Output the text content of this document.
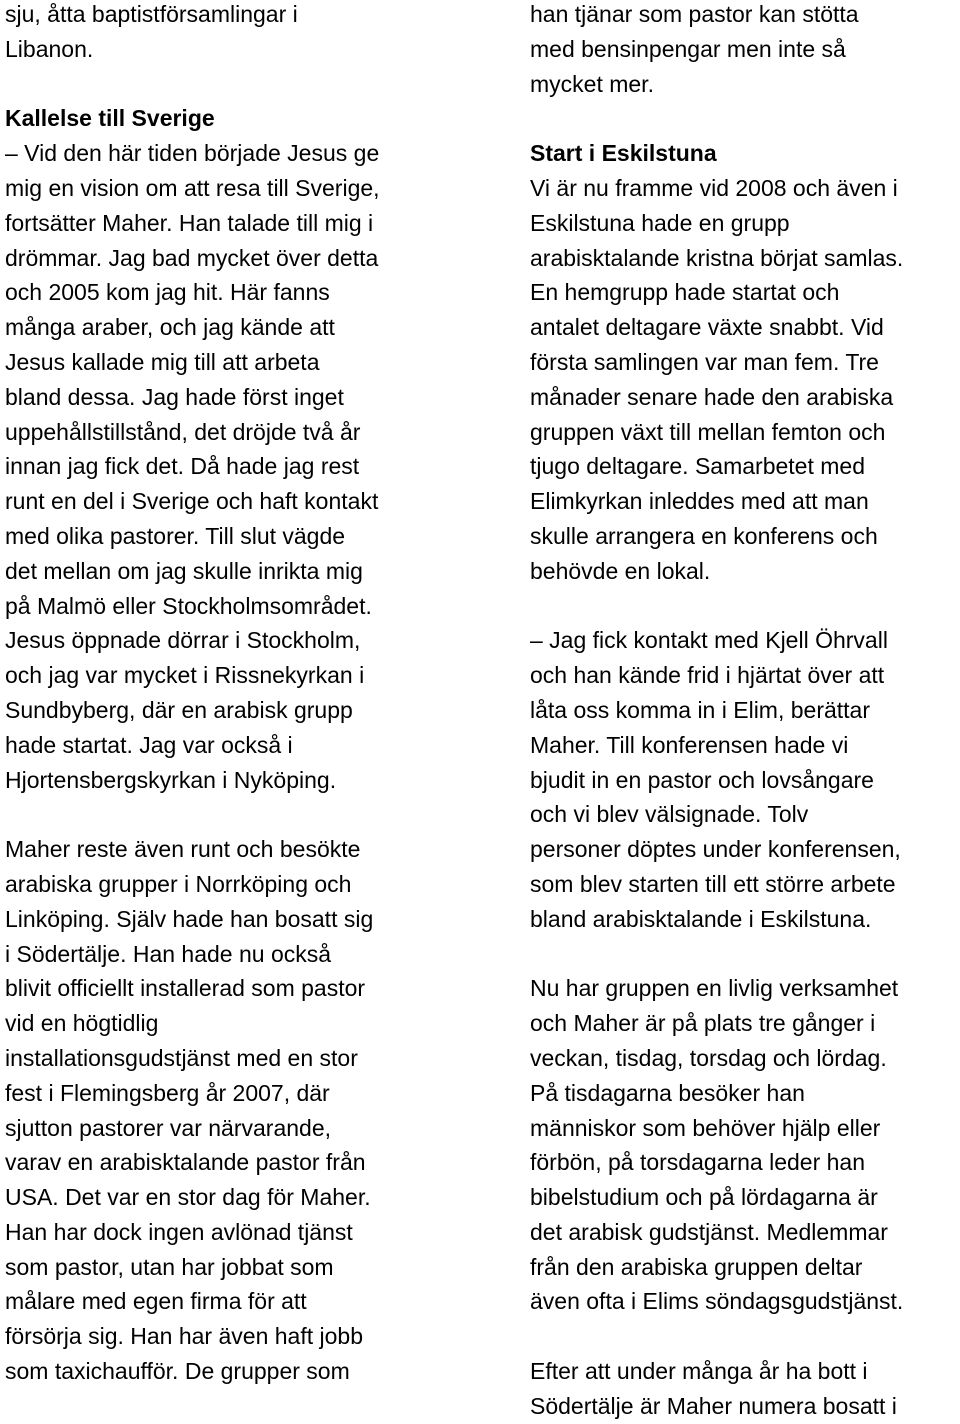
sju, åtta baptistförsamlingar i
Libanon.
Kallelse till Sverige
– Vid den här tiden började Jesus ge
mig en vision om att resa till Sverige,
fortsätter Maher. Han talade till mig i
drömmar. Jag bad mycket över detta
och 2005 kom jag hit. Här fanns
många araber, och jag kände att
Jesus kallade mig till att arbeta
bland dessa. Jag hade först inget
uppehållstillstånd, det dröjde två år
innan jag fick det. Då hade jag rest
runt en del i Sverige och haft kontakt
med olika pastorer. Till slut vägde
det mellan om jag skulle inrikta mig
på Malmö eller Stockholmsområdet.
Jesus öppnade dörrar i Stockholm,
och jag var mycket i Rissnekyrkan i
Sundbyberg, där en arabisk grupp
hade startat. Jag var också i
Hjortensbergskyrkan i Nyköping.
Maher reste även runt och besökte
arabiska grupper i Norrköping och
Linköping. Själv hade han bosatt sig
i Södertälje. Han hade nu också
blivit officiellt installerad som pastor
vid en högtidlig
installationsgudstjänst med en stor
fest i Flemingsberg år 2007, där
sjutton pastorer var närvarande,
varav en arabisktalande pastor från
USA. Det var en stor dag för Maher.
Han har dock ingen avlönad tjänst
som pastor, utan har jobbat som
målare med egen firma för att
försörja sig. Han har även haft jobb
som taxichaufför. De grupper som
han tjänar som pastor kan stötta
med bensinpengar men inte så
mycket mer.
Start i Eskilstuna
Vi är nu framme vid 2008 och även i
Eskilstuna hade en grupp
arabisktalande kristna börjat samlas.
En hemgrupp hade startat och
antalet deltagare växte snabbt. Vid
första samlingen var man fem. Tre
månader senare hade den arabiska
gruppen växt till mellan femton och
tjugo deltagare. Samarbetet med
Elimkyrkan inleddes med att man
skulle arrangera en konferens och
behövde en lokal.
– Jag fick kontakt med Kjell Öhrvall
och han kände frid i hjärtat över att
låta oss komma in i Elim, berättar
Maher. Till konferensen hade vi
bjudit in en pastor och lovsångare
och vi blev välsignade. Tolv
personer döptes under konferensen,
som blev starten till ett större arbete
bland arabisktalande i Eskilstuna.
Nu har gruppen en livlig verksamhet
och Maher är på plats tre gånger i
veckan, tisdag, torsdag och lördag.
På tisdagarna besöker han
människor som behöver hjälp eller
förbön, på torsdagarna leder han
bibelstudium och på lördagarna är
det arabisk gudstjänst. Medlemmar
från den arabiska gruppen deltar
även ofta i Elims söndagsgudstjänst.
Efter att under många år ha bott i
Södertälje är Maher numera bosatt i
